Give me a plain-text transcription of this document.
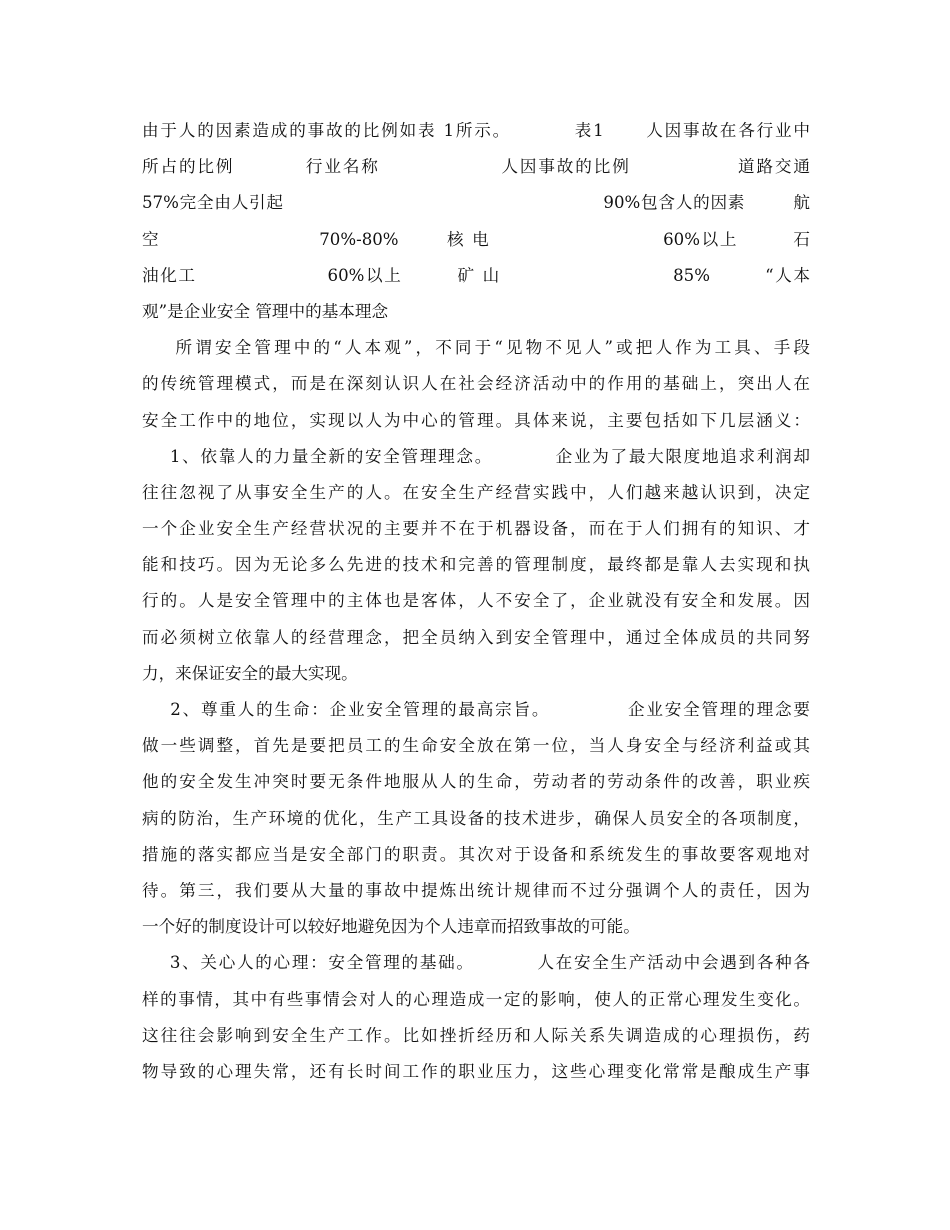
由于人的因素造成的事故的比例如表 1所示。         表1      人因事故在各行业中
所占的比例          行业名称                 人因事故的比例               道路交通
57%完全由人引起                                                     90%包含人的因素        航
空                       70%-80%       核 电                         60%以上        石
油化工                   60%以上        矿 山                         85%        “人本
观”是企业安全 管理中的基本理念
所谓安全管理中的“人本观”，不同于“见物不见人”或把人作为工具、手段
的传统管理模式，而是在深刻认识人在社会经济活动中的作用的基础上，突出人在
安全工作中的地位，实现以人为中心的管理。具体来说，主要包括如下几层涵义：
1、依靠人的力量全新的安全管理理念。         企业为了最大限度地追求利润却
往往忽视了从事安全生产的人。在安全生产经营实践中，人们越来越认识到，决定
一个企业安全生产经营状况的主要并不在于机器设备，而在于人们拥有的知识、才
能和技巧。因为无论多么先进的技术和完善的管理制度，最终都是靠人去实现和执
行的。人是安全管理中的主体也是客体，人不安全了，企业就没有安全和发展。因
而必须树立依靠人的经营理念，把全员纳入到安全管理中，通过全体成员的共同努
力，来保证安全的最大实现。
2、尊重人的生命：企业安全管理的最高宗旨。           企业安全管理的理念要
做一些调整，首先是要把员工的生命安全放在第一位，当人身安全与经济利益或其
他的安全发生冲突时要无条件地服从人的生命，劳动者的劳动条件的改善，职业疾
病的防治，生产环境的优化，生产工具设备的技术进步，确保人员安全的各项制度，
措施的落实都应当是安全部门的职责。其次对于设备和系统发生的事故要客观地对
待。第三，我们要从大量的事故中提炼出统计规律而不过分强调个人的责任，因为
一个好的制度设计可以较好地避免因为个人违章而招致事故的可能。
3、关心人的心理：安全管理的基础。         人在安全生产活动中会遇到各种各
样的事情，其中有些事情会对人的心理造成一定的影响，使人的正常心理发生变化。
这往往会影响到安全生产工作。比如挫折经历和人际关系失调造成的心理损伤，药
物导致的心理失常，还有长时间工作的职业压力，这些心理变化常常是酿成生产事
